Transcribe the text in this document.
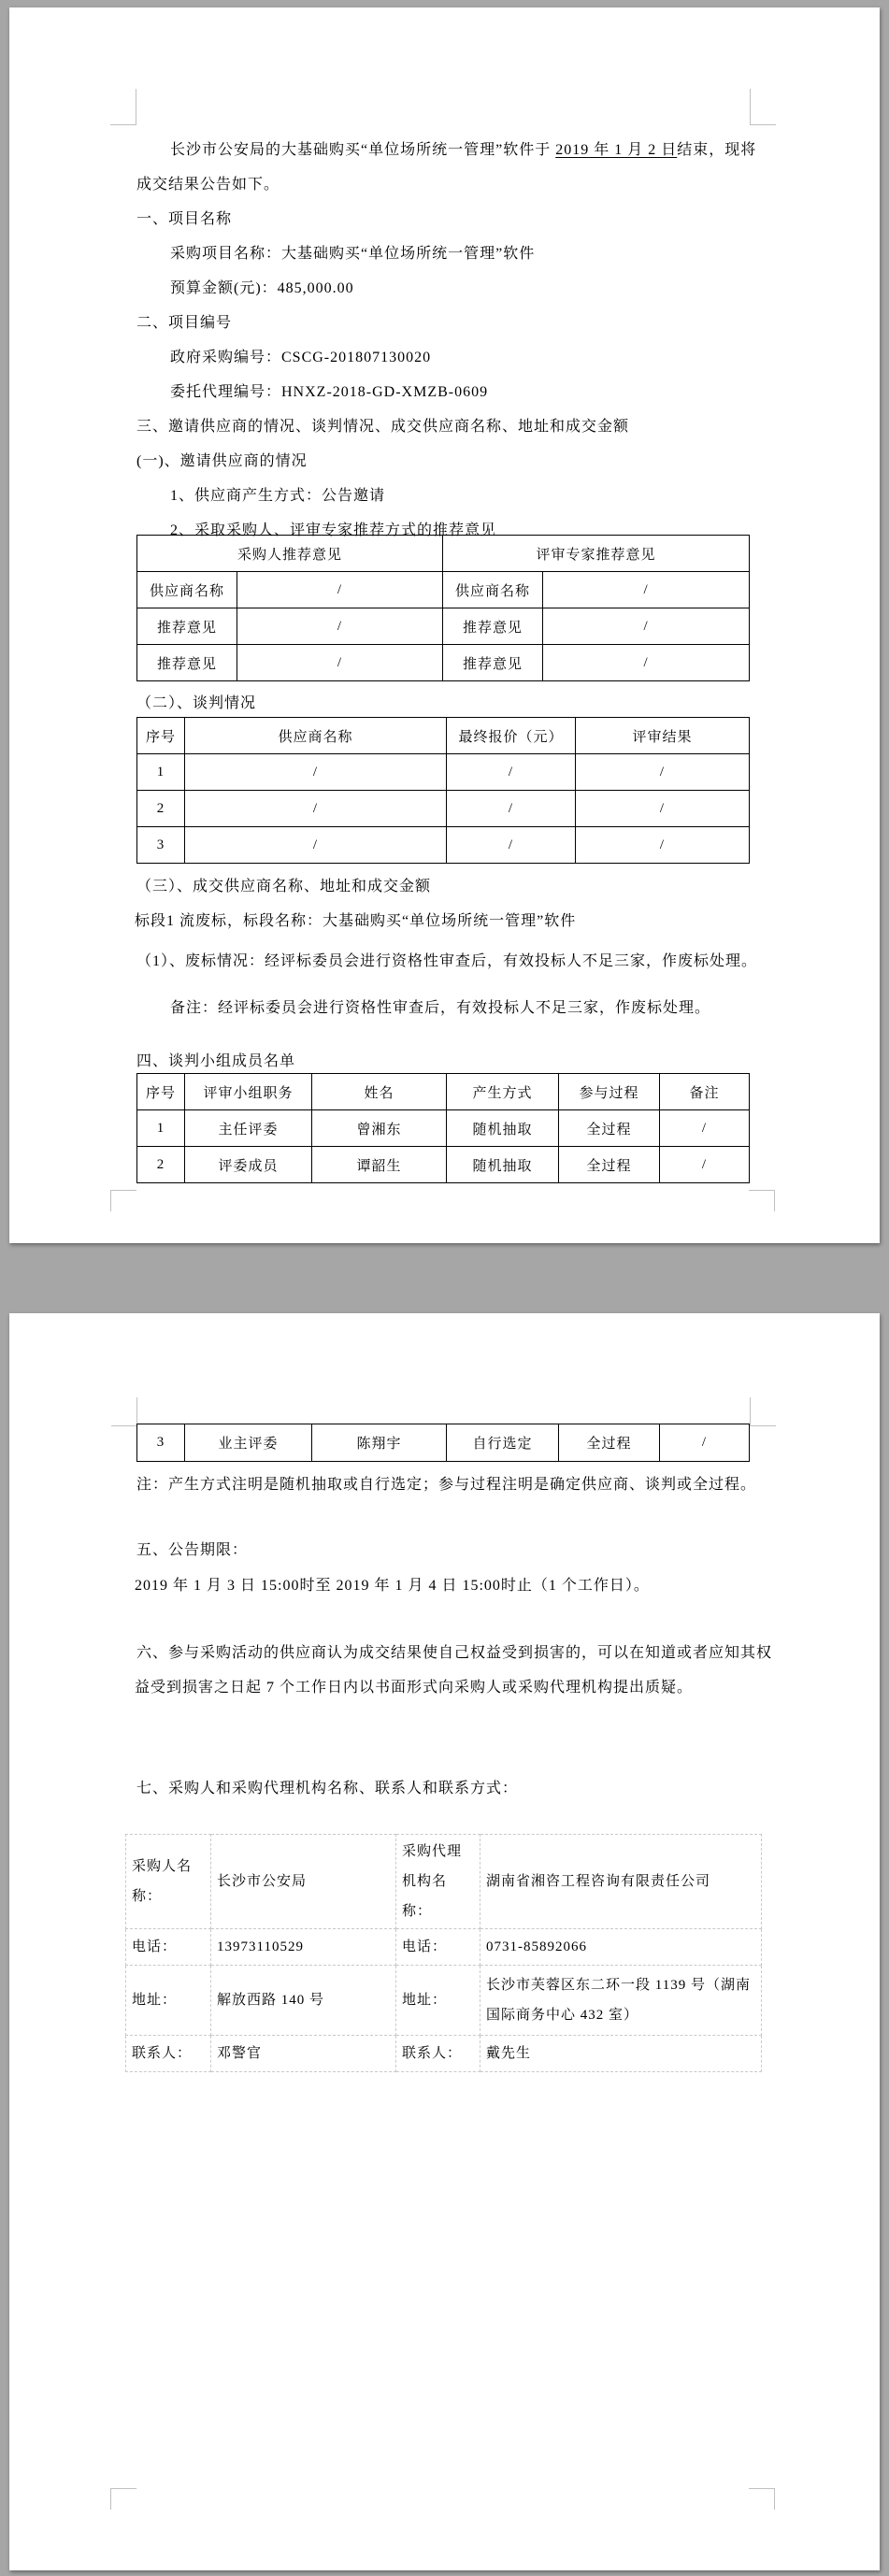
长沙市公安局的大基础购买“单位场所统一管理”软件于 2019 年 1 月 2 日结束，现将
成交结果公告如下。
一、项目名称
采购项目名称：大基础购买“单位场所统一管理”软件
预算金额(元)：485,000.00
二、项目编号
政府采购编号：CSCG-201807130020
委托代理编号：HNXZ-2018-GD-XMZB-0609
三、邀请供应商的情况、谈判情况、成交供应商名称、地址和成交金额
(一)、邀请供应商的情况
1、供应商产生方式：公告邀请
2、采取采购人、评审专家推荐方式的推荐意见
采购人推荐意见		评审专家推荐意见	
供应商名称	/	供应商名称	/
推荐意见	/	推荐意见	/
推荐意见	/	推荐意见	/
（二）、谈判情况
序号	供应商名称	最终报价（元）	评审结果
1	/	/	/
2	/	/	/
3	/	/	/
（三）、成交供应商名称、地址和成交金额
标段1 流废标，标段名称：大基础购买“单位场所统一管理”软件
（1）、废标情况：经评标委员会进行资格性审查后，有效投标人不足三家，作废标处理。
备注：经评标委员会进行资格性审查后，有效投标人不足三家，作废标处理。
四、谈判小组成员名单
序号	评审小组职务	姓名	产生方式	参与过程	备注
1	主任评委	曾湘东	随机抽取	全过程	/
2	评委成员	谭韶生	随机抽取	全过程	/
3	业主评委	陈翔宇	自行选定	全过程	/
注：产生方式注明是随机抽取或自行选定；参与过程注明是确定供应商、谈判或全过程。
五、公告期限：
2019 年 1 月 3 日 15:00时至 2019 年 1 月 4 日 15:00时止（1 个工作日）。
六、参与采购活动的供应商认为成交结果使自己权益受到损害的，可以在知道或者应知其权
益受到损害之日起 7 个工作日内以书面形式向采购人或采购代理机构提出质疑。
七、采购人和采购代理机构名称、联系人和联系方式：
采购人名称：	长沙市公安局	采购代理机构名称：	湖南省湘咨工程咨询有限责任公司
电话：	13973110529	电话：	0731-85892066
地址：	解放西路 140 号	地址：	长沙市芙蓉区东二环一段 1139 号（湖南国际商务中心 432 室）
联系人：	邓警官	联系人：	戴先生
